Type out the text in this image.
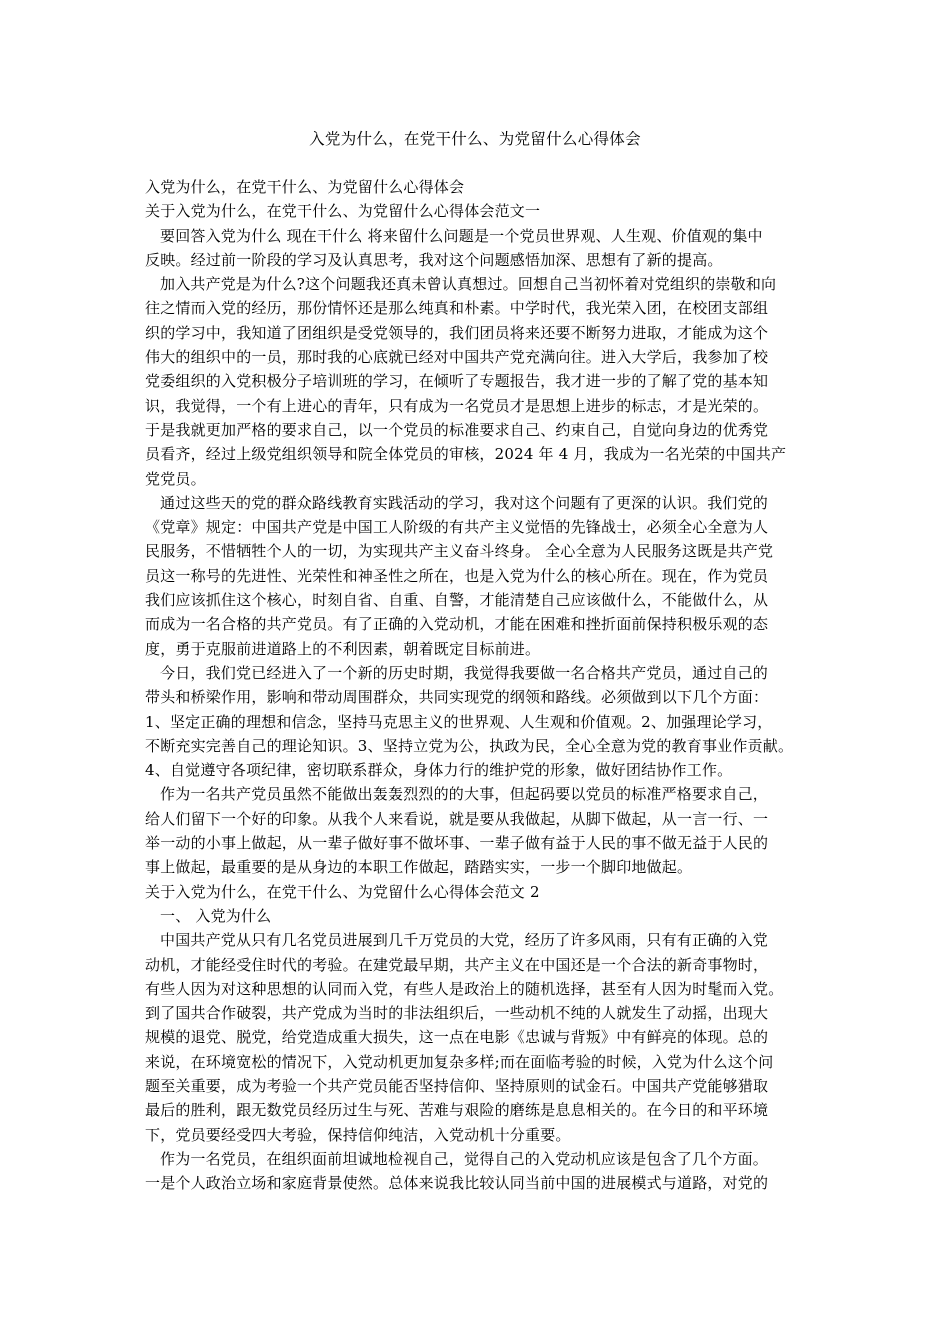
入党为什么，在党干什么、为党留什么心得体会
入党为什么，在党干什么、为党留什么心得体会
关于入党为什么，在党干什么、为党留什么心得体会范文一
要回答入党为什么 现在干什么 将来留什么问题是一个党员世界观、人生观、价值观的集中
反映。经过前一阶段的学习及认真思考，我对这个问题感悟加深、思想有了新的提高。
加入共产党是为什么?这个问题我还真未曾认真想过。回想自己当初怀着对党组织的崇敬和向
往之情而入党的经历，那份情怀还是那么纯真和朴素。中学时代，我光荣入团，在校团支部组
织的学习中，我知道了团组织是受党领导的，我们团员将来还要不断努力进取，才能成为这个
伟大的组织中的一员，那时我的心底就已经对中国共产党充满向往。进入大学后，我参加了校
党委组织的入党积极分子培训班的学习，在倾听了专题报告，我才进一步的了解了党的基本知
识，我觉得，一个有上进心的青年，只有成为一名党员才是思想上进步的标志，才是光荣的。
于是我就更加严格的要求自己，以一个党员的标准要求自己、约束自己，自觉向身边的优秀党
员看齐，经过上级党组织领导和院全体党员的审核，2024 年 4 月，我成为一名光荣的中国共产
党党员。
通过这些天的党的群众路线教育实践活动的学习，我对这个问题有了更深的认识。我们党的
《党章》规定：中国共产党是中国工人阶级的有共产主义觉悟的先锋战士，必须全心全意为人
民服务，不惜牺牲个人的一切，为实现共产主义奋斗终身。 全心全意为人民服务这既是共产党
员这一称号的先进性、光荣性和神圣性之所在，也是入党为什么的核心所在。现在，作为党员
我们应该抓住这个核心，时刻自省、自重、自警，才能清楚自己应该做什么，不能做什么，从
而成为一名合格的共产党员。有了正确的入党动机，才能在困难和挫折面前保持积极乐观的态
度，勇于克服前进道路上的不利因素，朝着既定目标前进。
今日，我们党已经进入了一个新的历史时期，我觉得我要做一名合格共产党员，通过自己的
带头和桥梁作用，影响和带动周围群众，共同实现党的纲领和路线。必须做到以下几个方面：
1、坚定正确的理想和信念，坚持马克思主义的世界观、人生观和价值观。2、加强理论学习，
不断充实完善自己的理论知识。3、坚持立党为公，执政为民，全心全意为党的教育事业作贡献。
4、自觉遵守各项纪律，密切联系群众，身体力行的维护党的形象，做好团结协作工作。
作为一名共产党员虽然不能做出轰轰烈烈的的大事，但起码要以党员的标准严格要求自己，
给人们留下一个好的印象。从我个人来看说，就是要从我做起，从脚下做起，从一言一行、一
举一动的小事上做起，从一辈子做好事不做坏事、一辈子做有益于人民的事不做无益于人民的
事上做起，最重要的是从身边的本职工作做起，踏踏实实，一步一个脚印地做起。
关于入党为什么，在党干什么、为党留什么心得体会范文 2
一、 入党为什么
中国共产党从只有几名党员进展到几千万党员的大党，经历了许多风雨，只有有正确的入党
动机，才能经受住时代的考验。在建党最早期，共产主义在中国还是一个合法的新奇事物时，
有些人因为对这种思想的认同而入党，有些人是政治上的随机选择，甚至有人因为时髦而入党。
到了国共合作破裂，共产党成为当时的非法组织后，一些动机不纯的人就发生了动摇，出现大
规模的退党、脱党，给党造成重大损失，这一点在电影《忠诚与背叛》中有鲜亮的体现。总的
来说，在环境宽松的情况下，入党动机更加复杂多样;而在面临考验的时候，入党为什么这个问
题至关重要，成为考验一个共产党员能否坚持信仰、坚持原则的试金石。中国共产党能够猎取
最后的胜利，跟无数党员经历过生与死、苦难与艰险的磨练是息息相关的。在今日的和平环境
下，党员要经受四大考验，保持信仰纯洁，入党动机十分重要。
作为一名党员，在组织面前坦诚地检视自己，觉得自己的入党动机应该是包含了几个方面。
一是个人政治立场和家庭背景使然。总体来说我比较认同当前中国的进展模式与道路，对党的
